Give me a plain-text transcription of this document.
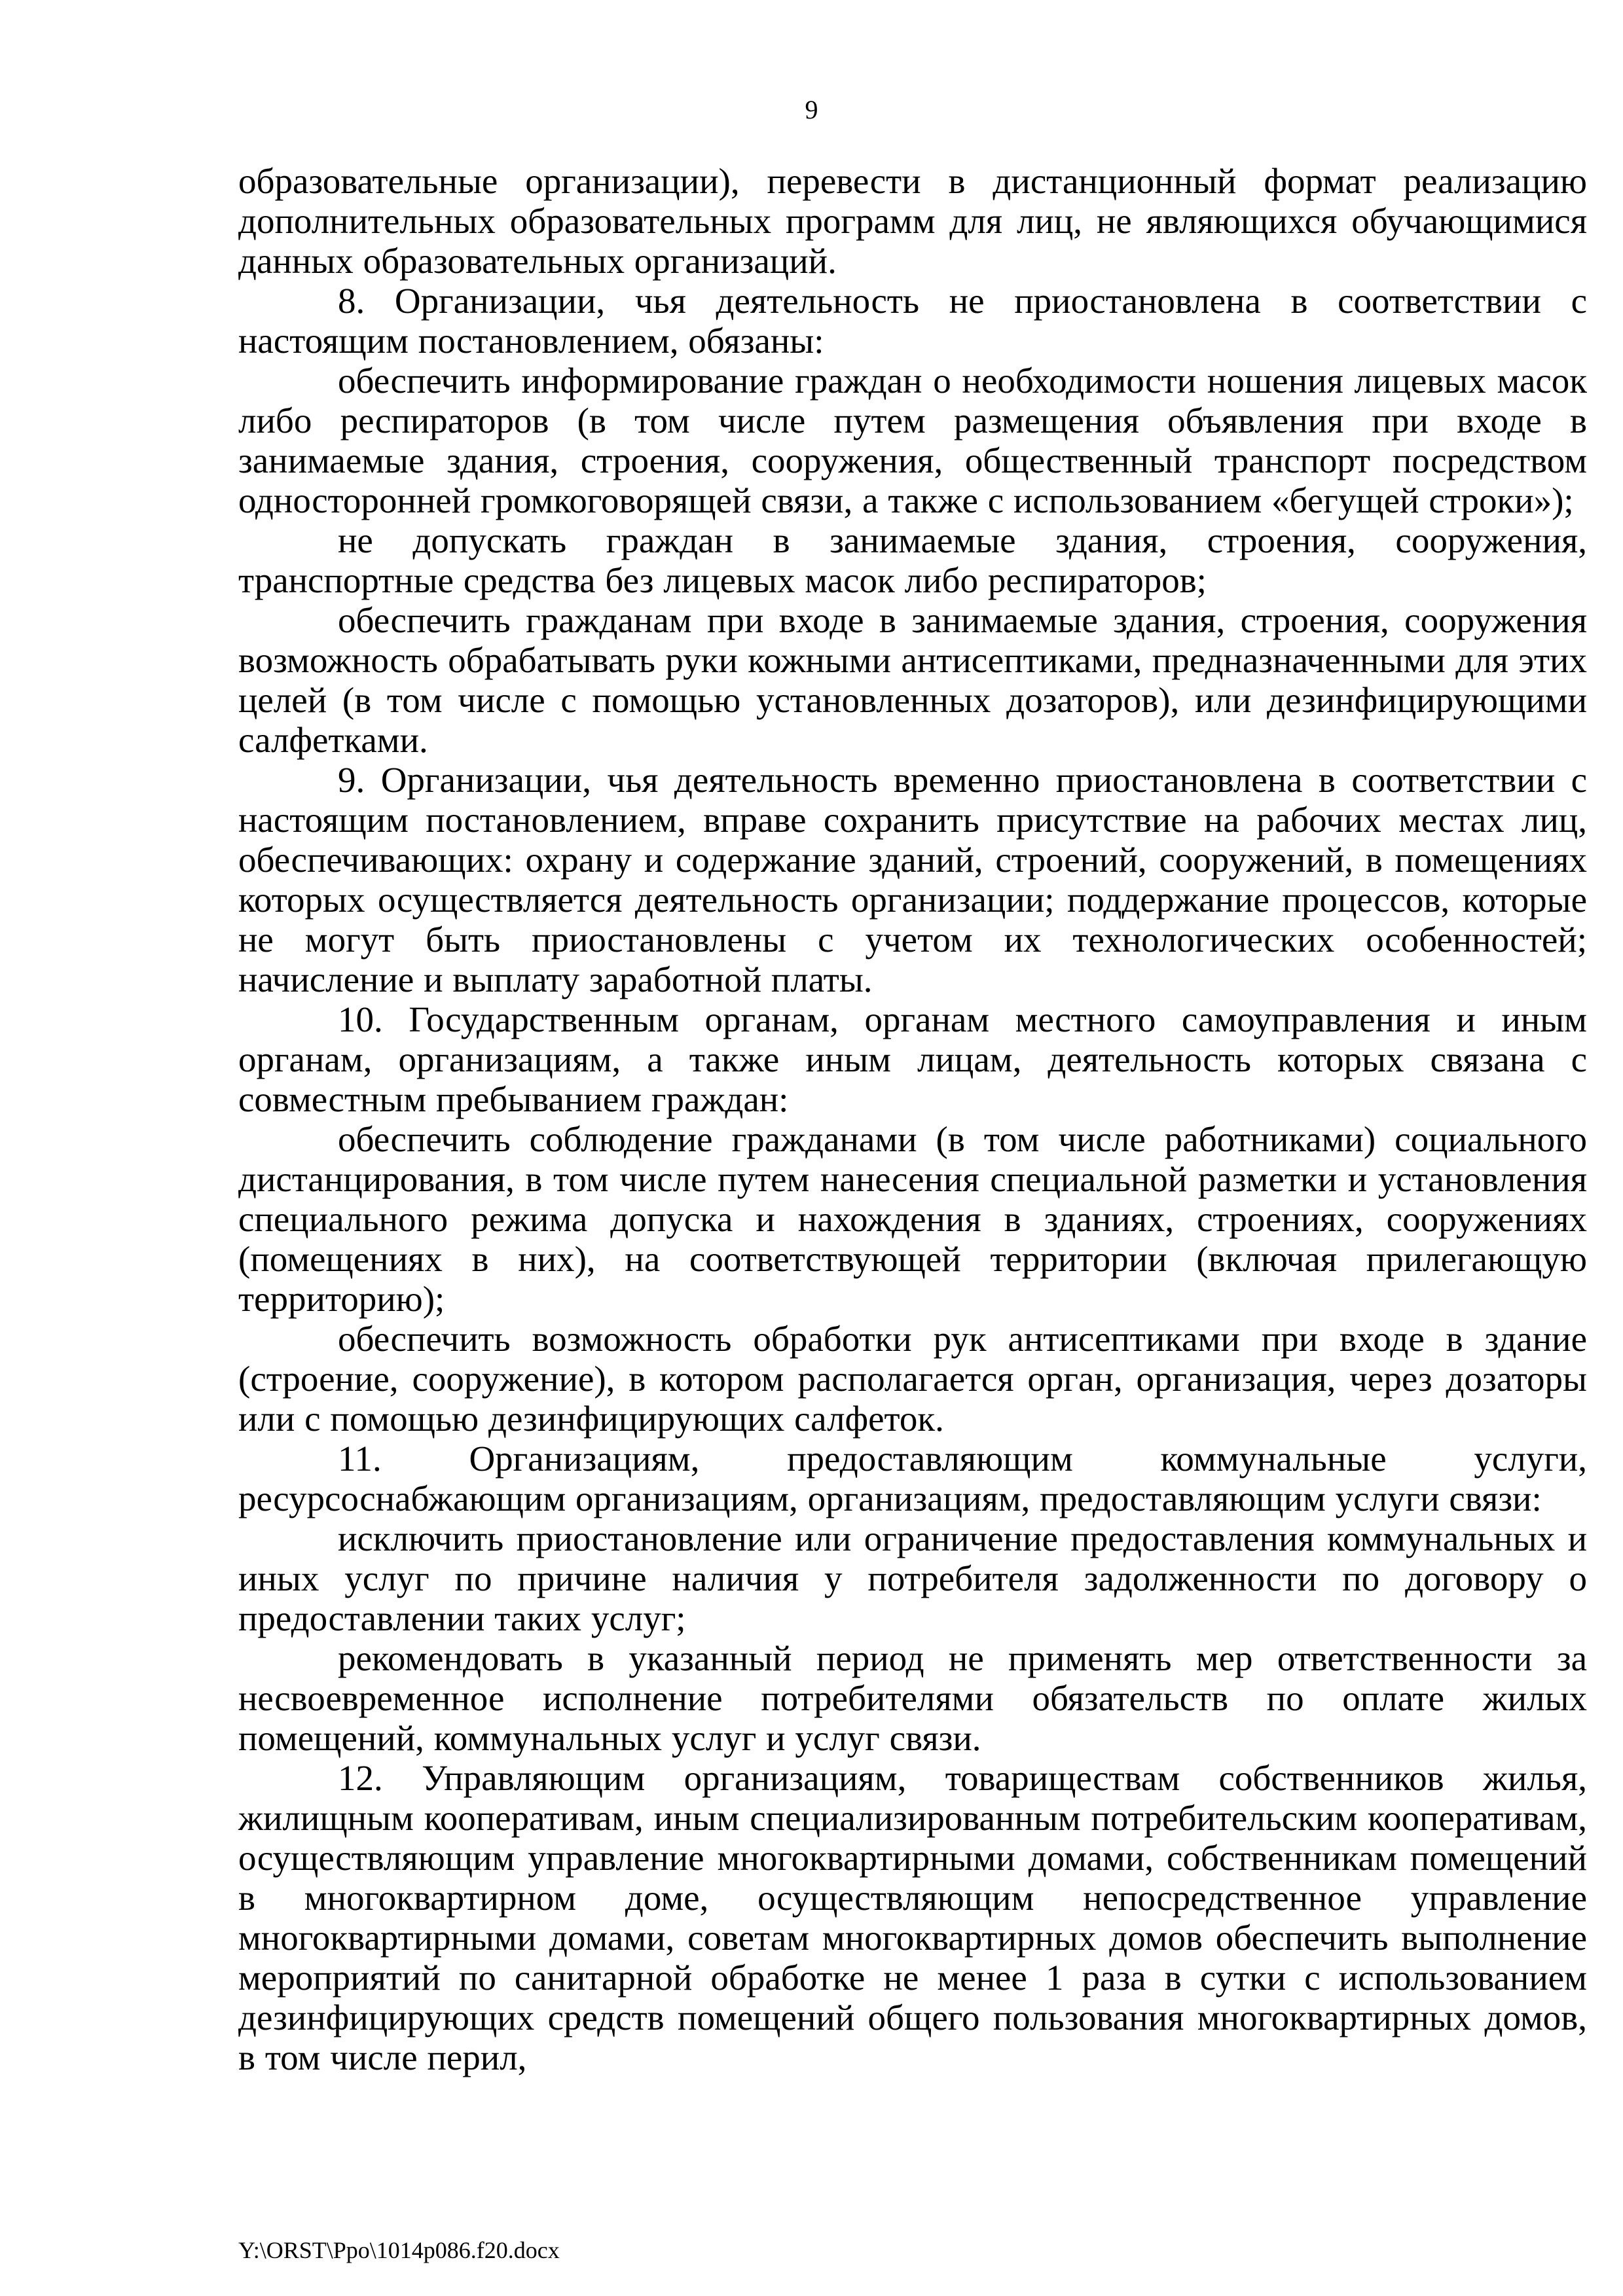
9

образовательные организации), перевести в дистанционный формат реализацию дополнительных образовательных программ для лиц, не являющихся обучающимися данных образовательных организаций.

8. Организации, чья деятельность не приостановлена в соответствии с настоящим постановлением, обязаны:

обеспечить информирование граждан о необходимости ношения лицевых масок либо респираторов (в том числе путем размещения объявления при входе в занимаемые здания, строения, сооружения, общественный транспорт посредством односторонней громкоговорящей связи, а также с использованием «бегущей строки»);

не допускать граждан в занимаемые здания, строения, сооружения, транспортные средства без лицевых масок либо респираторов;

обеспечить гражданам при входе в занимаемые здания, строения, сооружения возможность обрабатывать руки кожными антисептиками, предназначенными для этих целей (в том числе с помощью установленных дозаторов), или дезинфицирующими салфетками.

9. Организации, чья деятельность временно приостановлена в соответствии с настоящим постановлением, вправе сохранить присутствие на рабочих местах лиц, обеспечивающих: охрану и содержание зданий, строений, сооружений, в помещениях которых осуществляется деятельность организации; поддержание процессов, которые не могут быть приостановлены с учетом их технологических особенностей; начисление и выплату заработной платы.

10. Государственным органам, органам местного самоуправления и иным органам, организациям, а также иным лицам, деятельность которых связана с совместным пребыванием граждан:

обеспечить соблюдение гражданами (в том числе работниками) социального дистанцирования, в том числе путем нанесения специальной разметки и установления специального режима допуска и нахождения в зданиях, строениях, сооружениях (помещениях в них), на соответствующей территории (включая прилегающую территорию);

обеспечить возможность обработки рук антисептиками при входе в здание (строение, сооружение), в котором располагается орган, организация, через дозаторы или с помощью дезинфицирующих салфеток.

11. Организациям, предоставляющим коммунальные услуги, ресурсоснабжающим организациям, организациям, предоставляющим услуги связи:

исключить приостановление или ограничение предоставления коммунальных и иных услуг по причине наличия у потребителя задолженности по договору о предоставлении таких услуг;

рекомендовать в указанный период не применять мер ответственности за несвоевременное исполнение потребителями обязательств по оплате жилых помещений, коммунальных услуг и услуг связи.

12. Управляющим организациям, товариществам собственников жилья, жилищным кооперативам, иным специализированным потребительским кооперативам, осуществляющим управление многоквартирными домами, собственникам помещений в многоквартирном доме, осуществляющим непосредственное управление многоквартирными домами, советам многоквартирных домов обеспечить выполнение мероприятий по санитарной обработке не менее 1 раза в сутки с использованием дезинфицирующих средств помещений общего пользования многоквартирных домов, в том числе перил,

Y:\ORST\Ppo\1014p086.f20.docx
